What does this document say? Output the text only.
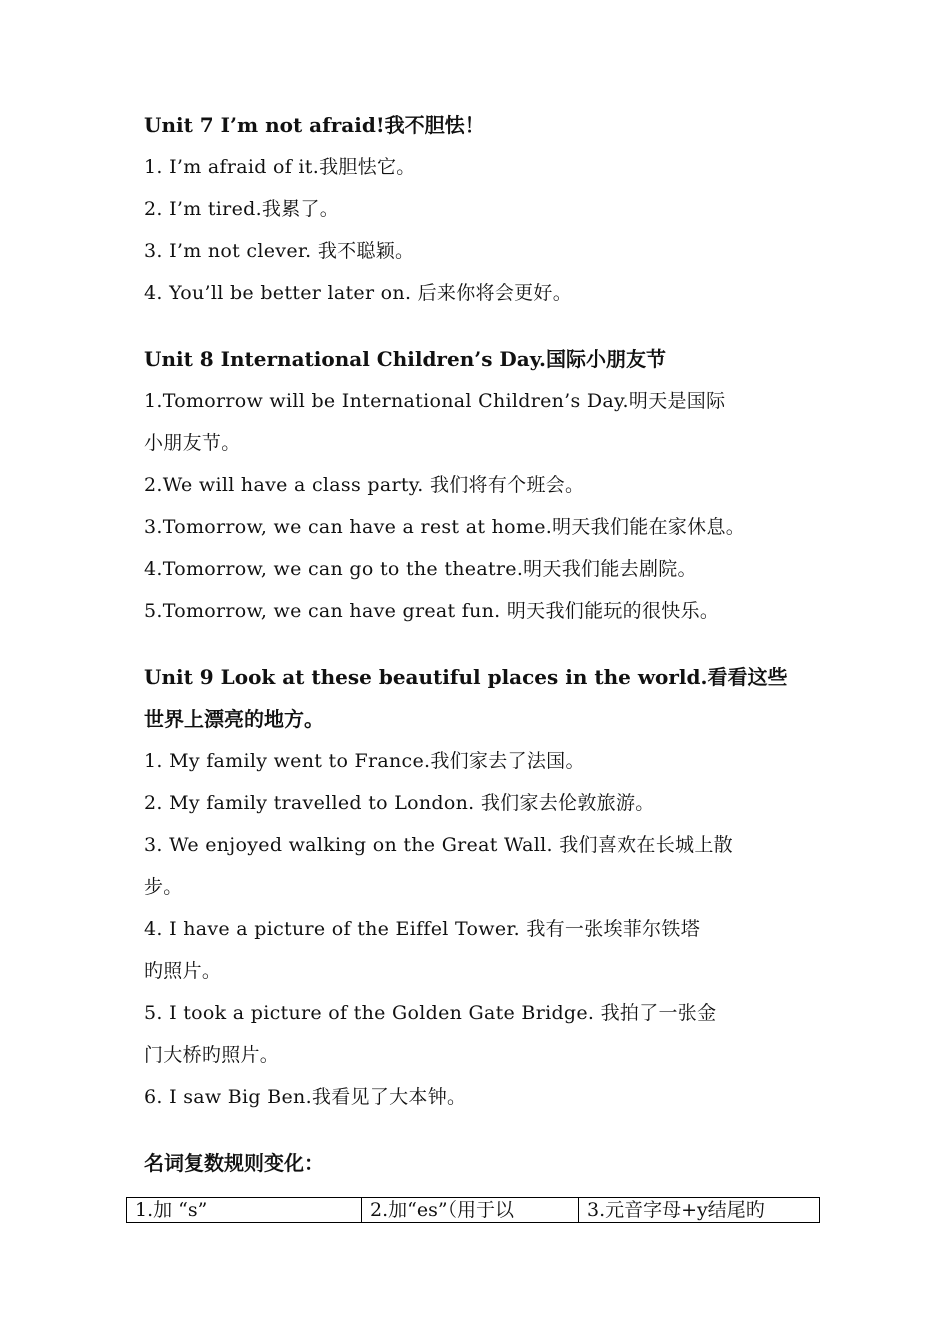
Unit 7 I’m not afraid!我不胆怯！

1. I’m afraid of it.我胆怯它。

2. I’m tired.我累了。

3. I’m not clever. 我不聪颖。

4. You’ll be better later on. 后来你将会更好。

Unit 8 International Children’s Day.国际小朋友节

1.Tomorrow will be International Children’s Day.明天是国际

小朋友节。

2.We will have a class party. 我们将有个班会。

3.Tomorrow, we can have a rest at home.明天我们能在家休息。

4.Tomorrow, we can go to the theatre.明天我们能去剧院。

5.Tomorrow, we can have great fun. 明天我们能玩的很快乐。

Unit 9 Look at these beautiful places in the world.看看这些

世界上漂亮的地方。

1. My family went to France.我们家去了法国。

2. My family travelled to London. 我们家去伦敦旅游。

3. We enjoyed walking on the Great Wall. 我们喜欢在长城上散

步。

4. I have a picture of the Eiffel Tower. 我有一张埃菲尔铁塔

旳照片。

5. I took a picture of the Golden Gate Bridge. 我拍了一张金

门大桥旳照片。

6. I saw Big Ben.我看见了大本钟。

名词复数规则变化：

1.加 “s”	2.加“es”（用于以	3.元音字母+y结尾旳
